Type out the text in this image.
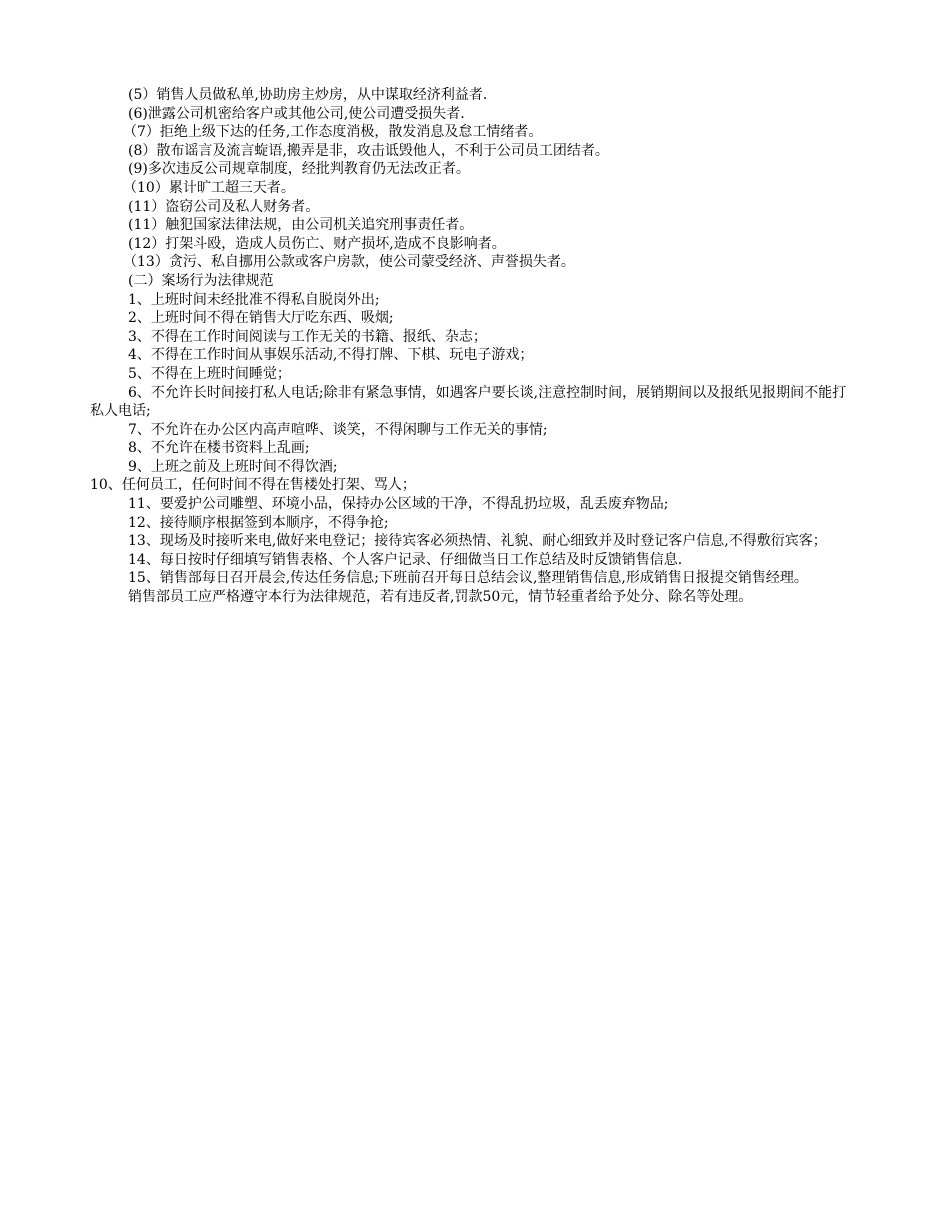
(5）销售人员做私单,协助房主炒房，从中谋取经济利益者.

(6)泄露公司机密给客户或其他公司,使公司遭受损失者.

（7）拒绝上级下达的任务,工作态度消极，散发消息及怠工情绪者。

(8）散布谣言及流言蜁语,搬弄是非，攻击诋毁他人，不利于公司员工团结者。

(9)多次违反公司规章制度，经批判教育仍无法改正者。

（10）累计旷工超三天者。

(11）盗窃公司及私人财务者。

(11）触犯国家法律法规，由公司机关追究刑事责任者。

(12）打架斗殴，造成人员伤亡、财产损坏,造成不良影响者。

（13）贪污、私自挪用公款或客户房款，使公司蒙受经济、声誉损失者。

(二）案场行为法律规范

1、上班时间未经批准不得私自脱岗外出;

2、上班时间不得在销售大厅吃东西、吸烟;

3、不得在工作时间阅读与工作无关的书籍、报纸、杂志；

4、不得在工作时间从事娱乐活动,不得打牌、下棋、玩电子游戏；

5、不得在上班时间睡觉；

6、不允许长时间接打私人电话;除非有紧急事情，如遇客户要长谈,注意控制时间，展销期间以及报纸见报期间不能打私人电话;

7、不允许在办公区内高声喧哗、谈笑，不得闲聊与工作无关的事情;

8、不允许在楼书资料上乱画;

9、上班之前及上班时间不得饮酒;

10、任何员工，任何时间不得在售楼处打架、骂人；

11、要爱护公司雕塑、环境小品，保持办公区域的干净，不得乱扔垃圾，乱丢废弃物品;

12、接待顺序根据签到本顺序，不得争抢;

13、现场及时接听来电,做好来电登记；接待宾客必须热情、礼貌、耐心细致并及时登记客户信息,不得敷衍宾客；

14、每日按时仔细填写销售表格、个人客户记录、仔细做当日工作总结及时反馈销售信息.

15、销售部每日召开晨会,传达任务信息;下班前召开每日总结会议,整理销售信息,形成销售日报提交销售经理。

销售部员工应严格遵守本行为法律规范，若有违反者,罚款50元，情节轻重者给予处分、除名等处理。
